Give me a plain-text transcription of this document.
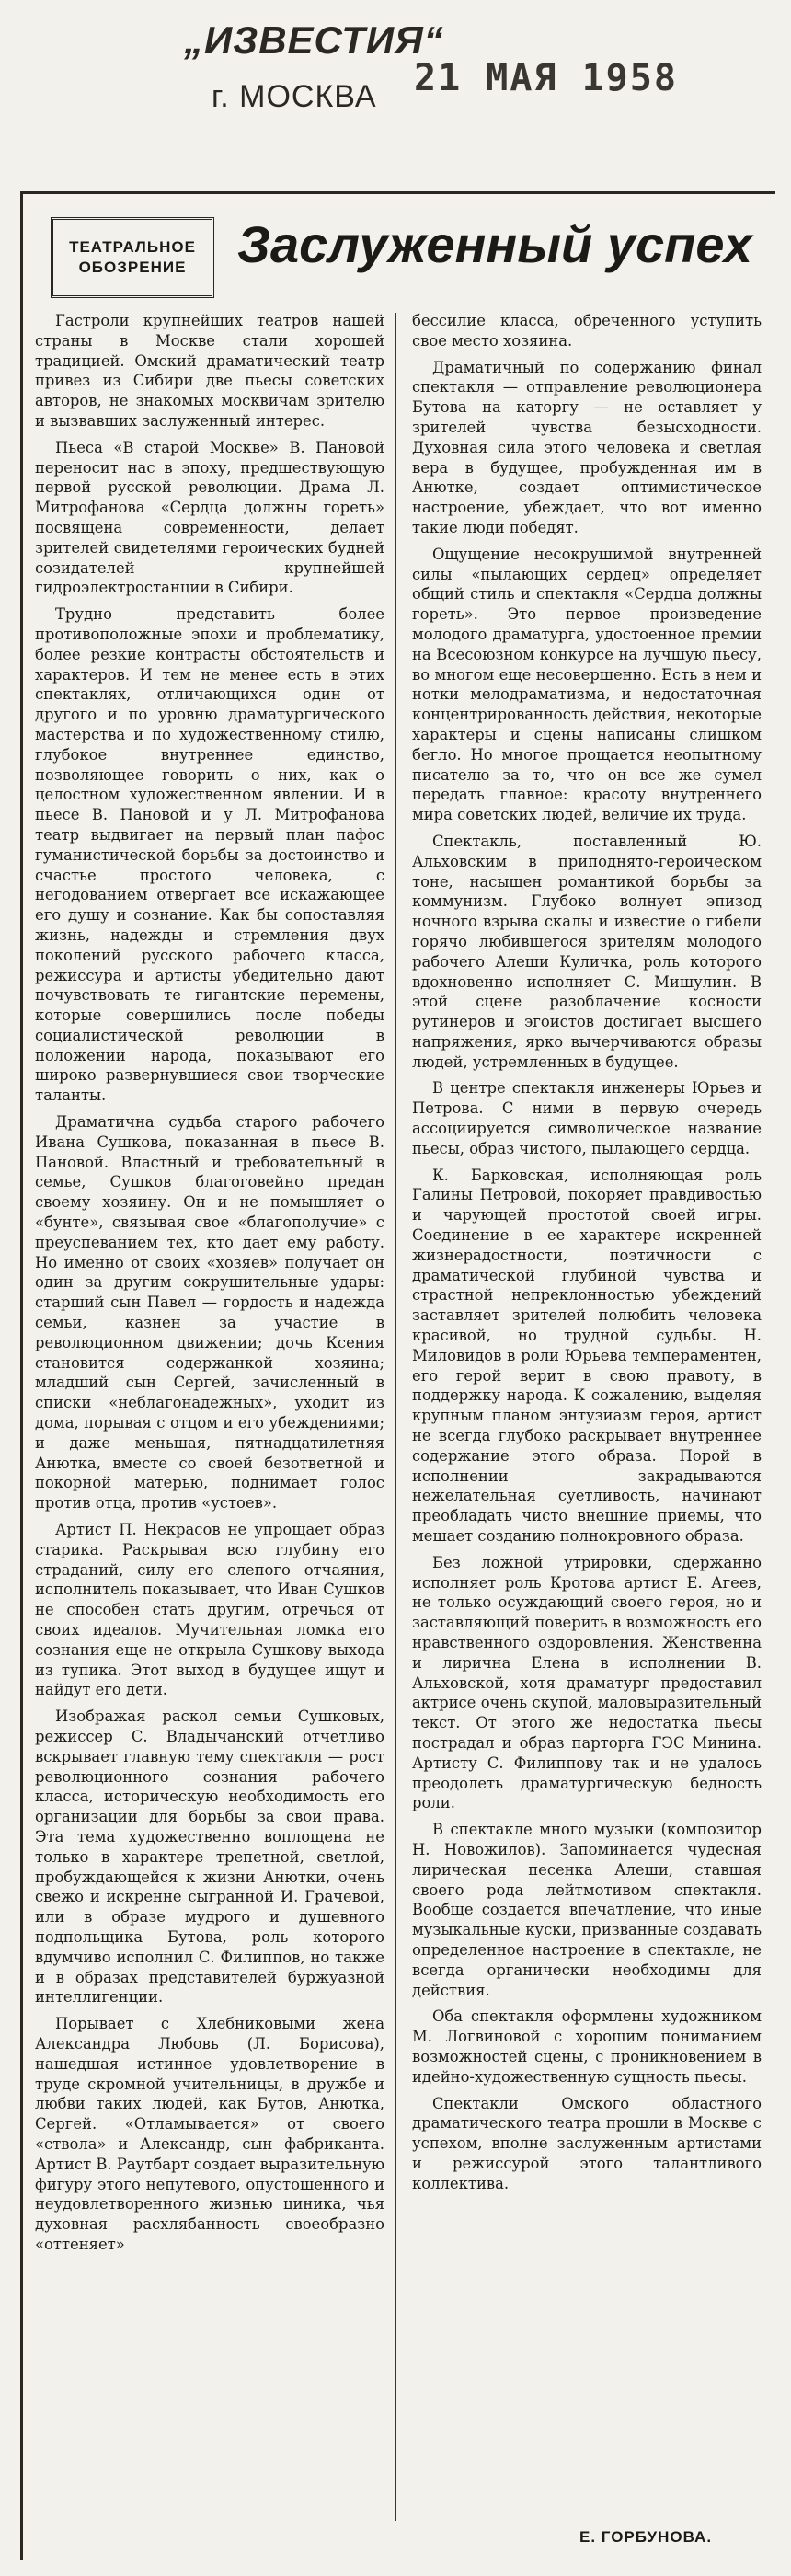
„ИЗВЕСТИЯ“
г. МОСКВА 21 МАЯ 1958
ТЕАТРАЛЬНОЕ
ОБОЗРЕНИЕ Заслуженный успех

Гастроли крупнейших театров нашей страны в Москве стали хорошей традицией. Омский драматический театр привез из Сибири две пьесы советских авторов, не знакомых москвичам зрителю и вызвавших заслуженный интерес.

Пьеса «В старой Москве» В. Пановой переносит нас в эпоху, предшествующую первой русской революции. Драма Л. Митрофанова «Сердца должны гореть» посвящена современности, делает зрителей свидетелями героических будней созидателей крупнейшей гидроэлектростанции в Сибири.

Трудно представить более противоположные эпохи и проблематику, более резкие контрасты обстоятельств и характеров. И тем не менее есть в этих спектаклях, отличающихся один от другого и по уровню драматургического мастерства и по художественному стилю, глубокое внутреннее единство, позволяющее говорить о них, как о целостном художественном явлении. И в пьесе В. Пановой и у Л. Митрофанова театр выдвигает на первый план пафос гуманистической борьбы за достоинство и счастье простого человека, с негодованием отвергает все искажающее его душу и сознание. Как бы сопоставляя жизнь, надежды и стремления двух поколений русского рабочего класса, режиссура и артисты убедительно дают почувствовать те гигантские перемены, которые совершились после победы социалистической революции в положении народа, показывают его широко развернувшиеся свои творческие таланты.

Драматична судьба старого рабочего Ивана Сушкова, показанная в пьесе В. Пановой. Властный и требовательный в семье, Сушков благоговейно предан своему хозяину. Он и не помышляет о «бунте», связывая свое «благополучие» с преуспеванием тех, кто дает ему работу. Но именно от своих «хозяев» получает он один за другим сокрушительные удары: старший сын Павел — гордость и надежда семьи, казнен за участие в революционном движении; дочь Ксения становится содержанкой хозяина; младший сын Сергей, зачисленный в списки «неблагонадежных», уходит из дома, порывая с отцом и его убеждениями; и даже меньшая, пятнадцатилетняя Анютка, вместе со своей безответной и покорной матерью, поднимает голос против отца, против «устоев».

Артист П. Некрасов не упрощает образ старика. Раскрывая всю глубину его страданий, силу его слепого отчаяния, исполнитель показывает, что Иван Сушков не способен стать другим, отречься от своих идеалов. Мучительная ломка его сознания еще не открыла Сушкову выхода из тупика. Этот выход в будущее ищут и найдут его дети.

Изображая раскол семьи Сушковых, режиссер С. Владычанский отчетливо вскрывает главную тему спектакля — рост революционного сознания рабочего класса, историческую необходимость его организации для борьбы за свои права. Эта тема художественно воплощена не только в характере трепетной, светлой, пробуждающейся к жизни Анютки, очень свежо и искренне сыгранной И. Грачевой, или в образе мудрого и душевного подпольщика Бутова, роль которого вдумчиво исполнил С. Филиппов, но также и в образах представителей буржуазной интеллигенции.

Порывает с Хлебниковыми жена Александра Любовь (Л. Борисова), нашедшая истинное удовлетворение в труде скромной учительницы, в дружбе и любви таких людей, как Бутов, Анютка, Сергей. «Отламывается» от своего «ствола» и Александр, сын фабриканта. Артист В. Раутбарт создает выразительную фигуру этого непутевого, опустошенного и неудовлетворенного жизнью циника, чья духовная расхлябанность своеобразно «оттеняет»

бессилие класса, обреченного уступить свое место хозяина.

Драматичный по содержанию финал спектакля — отправление революционера Бутова на каторгу — не оставляет у зрителей чувства безысходности. Духовная сила этого человека и светлая вера в будущее, пробужденная им в Анютке, создает оптимистическое настроение, убеждает, что вот именно такие люди победят.

Ощущение несокрушимой внутренней силы «пылающих сердец» определяет общий стиль и спектакля «Сердца должны гореть». Это первое произведение молодого драматурга, удостоенное премии на Всесоюзном конкурсе на лучшую пьесу, во многом еще несовершенно. Есть в нем и нотки мелодраматизма, и недостаточная концентрированность действия, некоторые характеры и сцены написаны слишком бегло. Но многое прощается неопытному писателю за то, что он все же сумел передать главное: красоту внутреннего мира советских людей, величие их труда.

Спектакль, поставленный Ю. Альховским в приподнято-героическом тоне, насыщен романтикой борьбы за коммунизм. Глубоко волнует эпизод ночного взрыва скалы и известие о гибели горячо любившегося зрителям молодого рабочего Алеши Куличка, роль которого вдохновенно исполняет С. Мишулин. В этой сцене разоблачение косности рутинеров и эгоистов достигает высшего напряжения, ярко вычерчиваются образы людей, устремленных в будущее.

В центре спектакля инженеры Юрьев и Петрова. С ними в первую очередь ассоциируется символическое название пьесы, образ чистого, пылающего сердца.

К. Барковская, исполняющая роль Галины Петровой, покоряет правдивостью и чарующей простотой своей игры. Соединение в ее характере искренней жизнерадостности, поэтичности с драматической глубиной чувства и страстной непреклонностью убеждений заставляет зрителей полюбить человека красивой, но трудной судьбы. Н. Миловидов в роли Юрьева темпераментен, его герой верит в свою правоту, в поддержку народа. К сожалению, выделяя крупным планом энтузиазм героя, артист не всегда глубоко раскрывает внутреннее содержание этого образа. Порой в исполнении закрадываются нежелательная суетливость, начинают преобладать чисто внешние приемы, что мешает созданию полнокровного образа.

Без ложной утрировки, сдержанно исполняет роль Кротова артист Е. Агеев, не только осуждающий своего героя, но и заставляющий поверить в возможность его нравственного оздоровления. Женственна и лирична Елена в исполнении В. Альховской, хотя драматург предоставил актрисе очень скупой, маловыразительный текст. От этого же недостатка пьесы пострадал и образ парторга ГЭС Минина. Артисту С. Филиппову так и не удалось преодолеть драматургическую бедность роли.

В спектакле много музыки (композитор Н. Новожилов). Запоминается чудесная лирическая песенка Алеши, ставшая своего рода лейтмотивом спектакля. Вообще создается впечатление, что иные музыкальные куски, призванные создавать определенное настроение в спектакле, не всегда органически необходимы для действия.

Оба спектакля оформлены художником М. Логвиновой с хорошим пониманием возможностей сцены, с проникновением в идейно-художественную сущность пьесы.

Спектакли Омского областного драматического театра прошли в Москве с успехом, вполне заслуженным артистами и режиссурой этого талантливого коллектива.

Е. ГОРБУНОВА.
